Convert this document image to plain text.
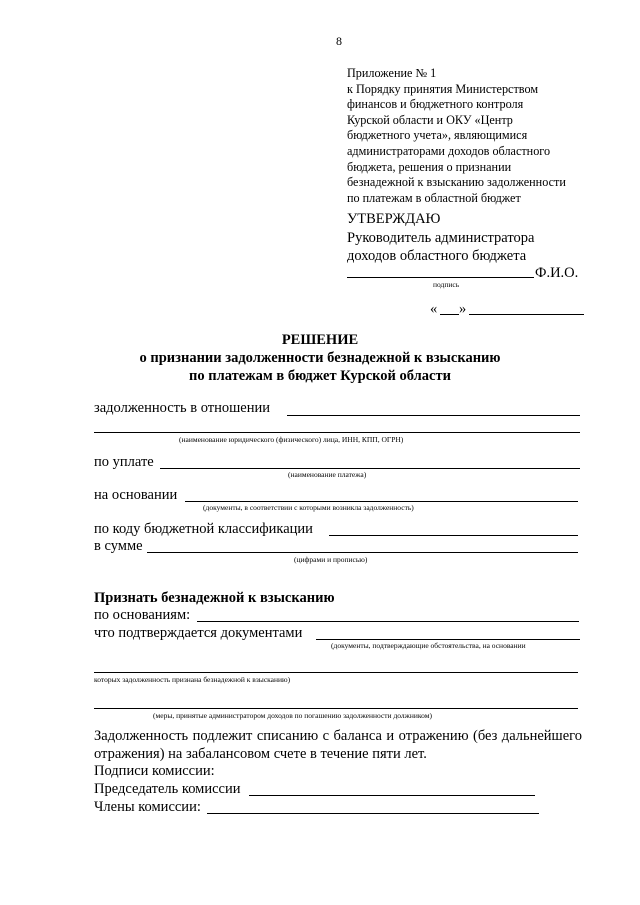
8
Приложение № 1
к Порядку принятия Министерством
финансов и бюджетного контроля
Курской области и ОКУ «Центр
бюджетного учета», являющимися
администраторами доходов областного
бюджета, решения о признании
безнадежной к взысканию задолженности
по платежам в областной бюджет
УТВЕРЖДАЮ
Руководитель администратора
доходов областного бюджета
Ф.И.О.
подпись
« »
РЕШЕНИЕ
о признании задолженности безнадежной к взысканию
по платежам в бюджет Курской области
задолженность в отношении
(наименование юридического (физического) лица, ИНН, КПП, ОГРН)
по уплате
(наименование платежа)
на основании
(документы, в соответствии с которыми возникла задолженность)
по коду бюджетной классификации
в сумме
(цифрами и прописью)
Признать безнадежной к взысканию
по основаниям:
что подтверждается документами
(документы, подтверждающие обстоятельства, на основании
которых задолженность признана безнадежной к взысканию)
(меры, принятые администратором доходов по погашению задолженности должником)
Задолженность подлежит списанию с баланса и отражению (без дальнейшего отражения) на забалансовом счете в течение пяти лет.
Подписи комиссии:
Председатель комиссии
Члены комиссии:
